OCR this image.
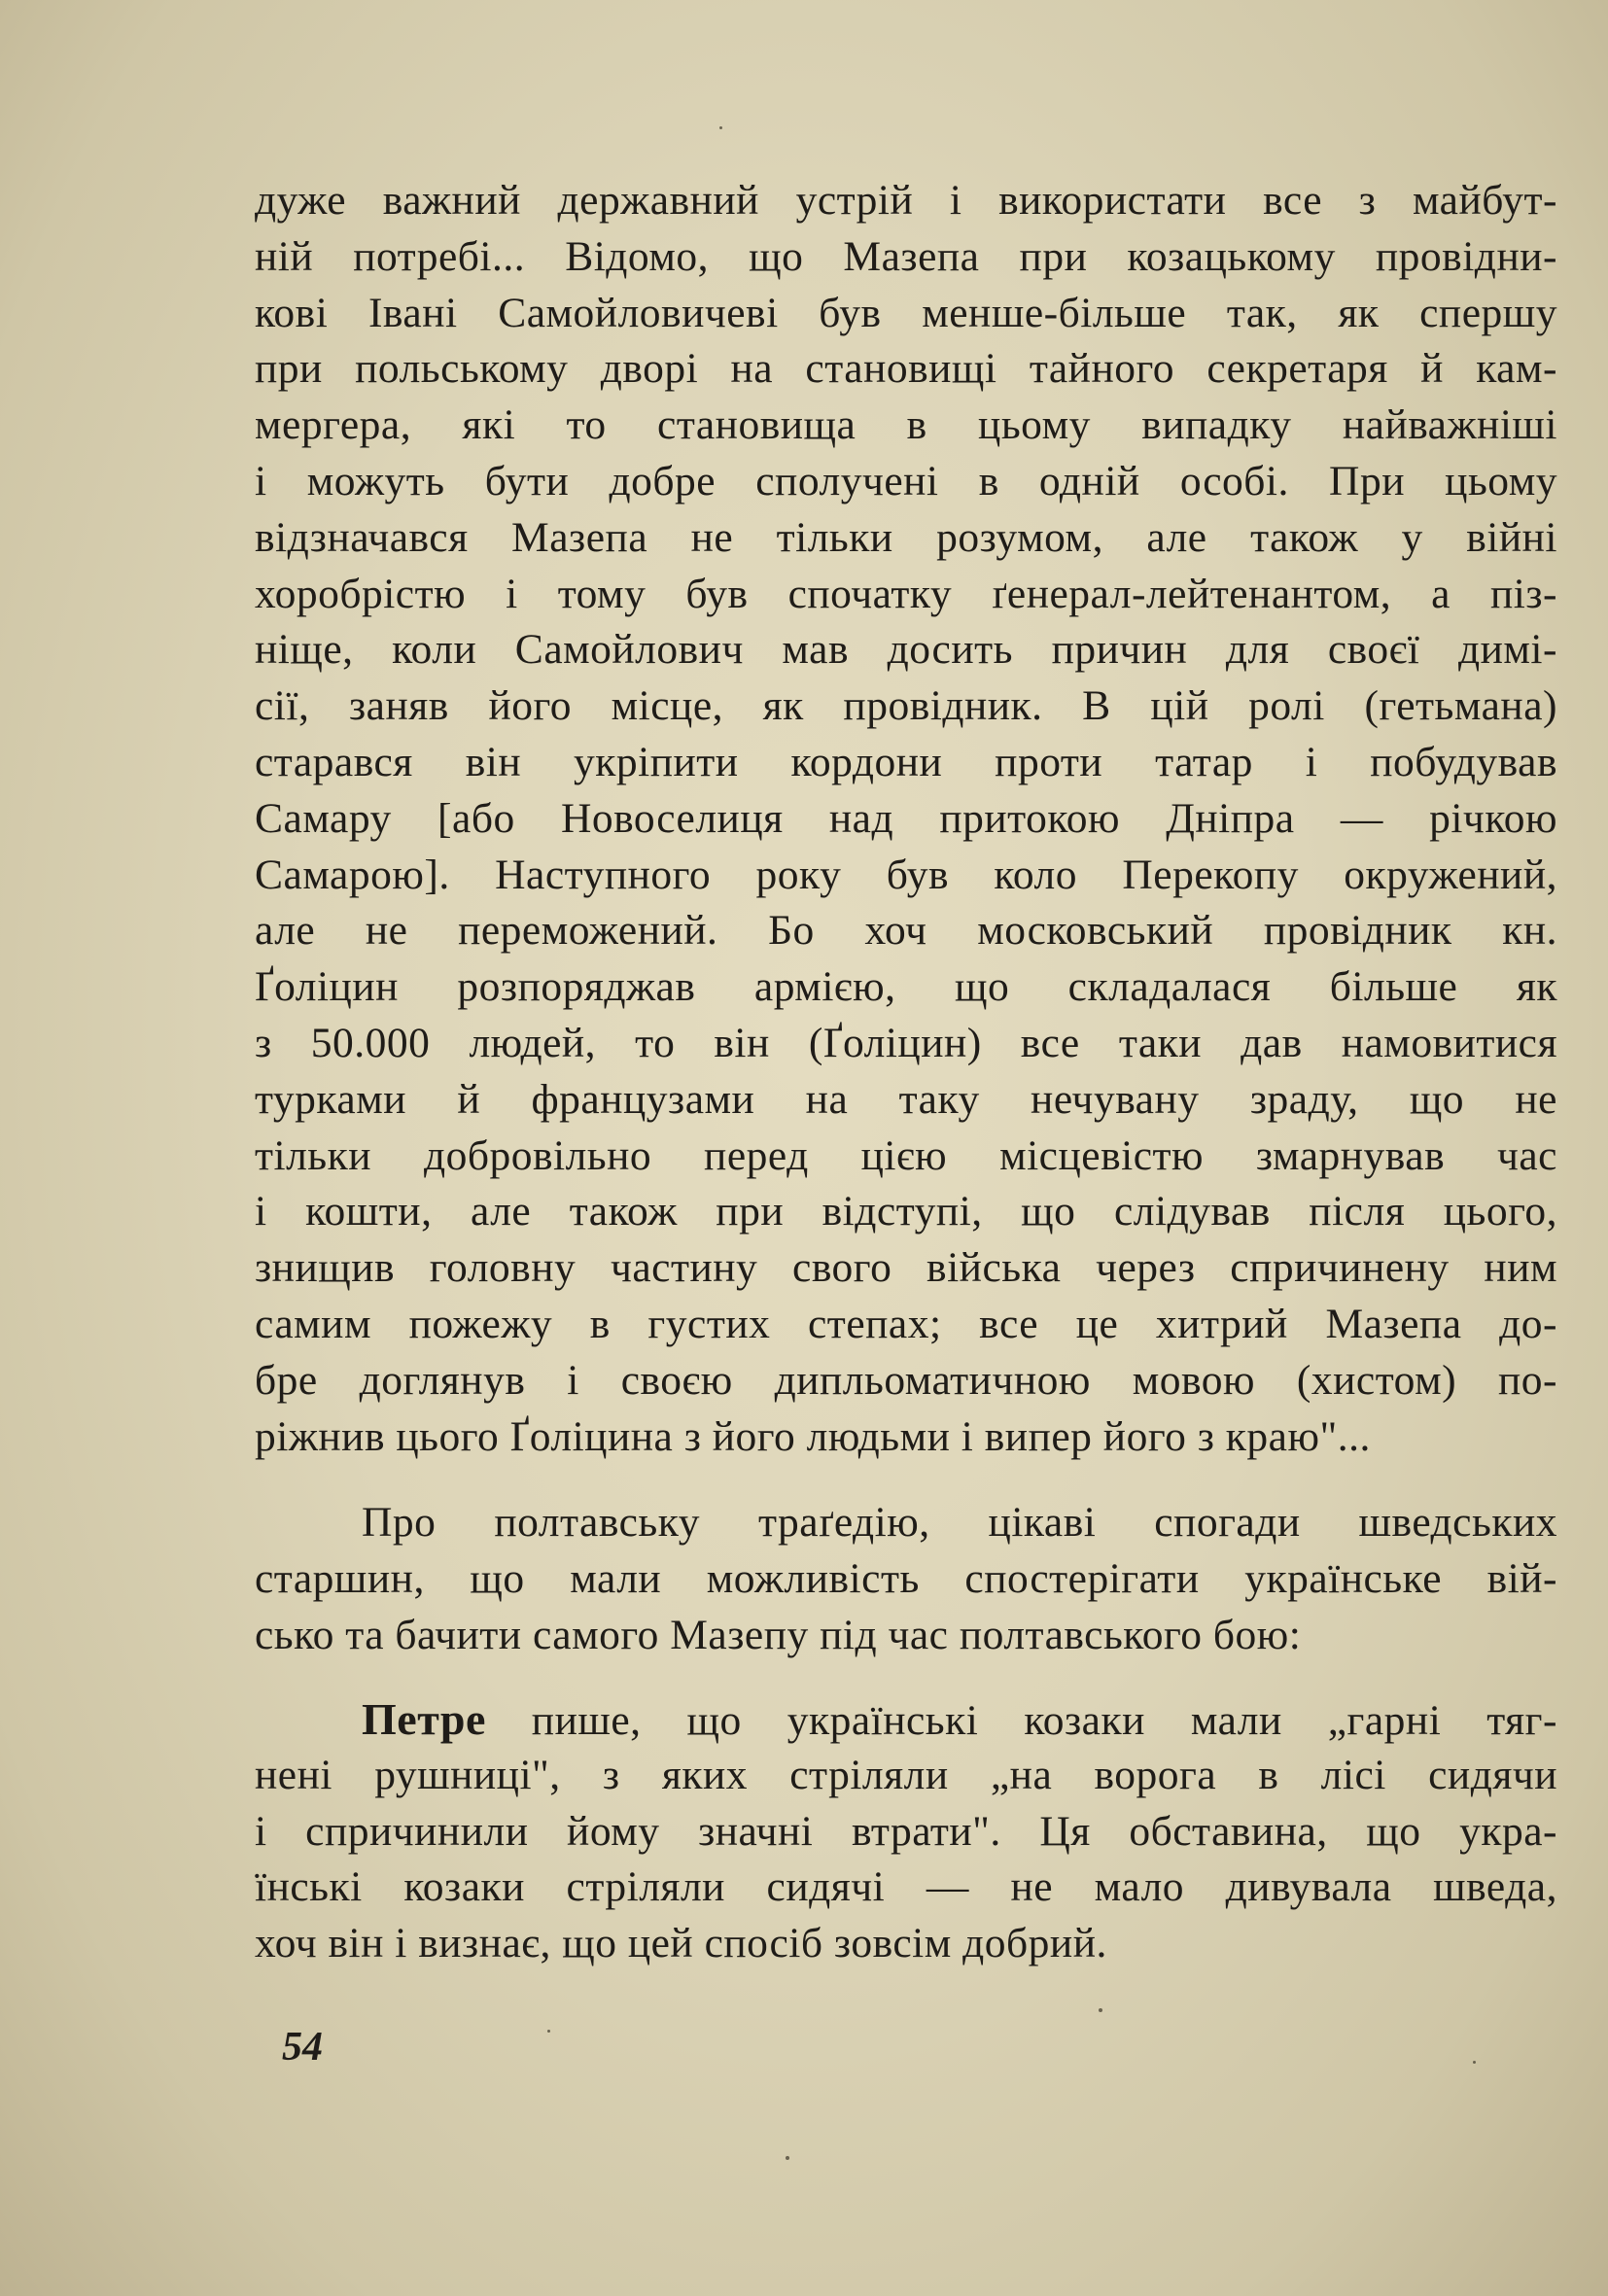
дуже важний державний устрій і використати все з майбут-
ній потребі... Відомо, що Мазепа при козацькому провідни-
кові Івані Самойловичеві був менше-більше так, як спершу
при польському дворі на становищі тайного секретаря й кам-
мергера, які то становища в цьому випадку найважніші
і можуть бути добре сполучені в одній особі. При цьому
відзначався Мазепа не тільки розумом, але також у війні
хоробрістю і тому був спочатку ґенерал-лейтенантом, а піз-
ніще, коли Самойлович мав досить причин для своєї димі-
сії, заняв його місце, як провідник. В цій ролі (гетьмана)
старався він укріпити кордони проти татар і побудував
Самару [або Новоселиця над притокою Дніпра — річкою
Самарою]. Наступного року був коло Перекопу окружений,
але не переможений. Бо хоч московський провідник кн.
Ґоліцин розпоряджав армією, що складалася більше як
з 50.000 людей, то він (Ґоліцин) все таки дав намовитися
турками й французами на таку нечувану зраду, що не
тільки добровільно перед цією місцевістю змарнував час
і кошти, але також при відступі, що слідував після цього,
знищив головну частину свого війська через спричинену ним
самим пожежу в густих степах; все це хитрий Мазепа до-
бре доглянув і своєю дипльоматичною мовою (хистом) по-
ріжнив цього Ґоліцина з його людьми і випер його з краю"...
Про полтавську траґедію, цікаві спогади шведських
старшин, що мали можливість спостерігати українське вій-
сько та бачити самого Мазепу під час полтавського бою:
Петре пише, що українські козаки мали „гарні тяг-
нені рушниці", з яких стріляли „на ворога в лісі сидячи
і спричинили йому значні втрати". Ця обставина, що укра-
їнські козаки стріляли сидячі — не мало дивувала шведа,
хоч він і визнає, що цей спосіб зовсім добрий.
54
